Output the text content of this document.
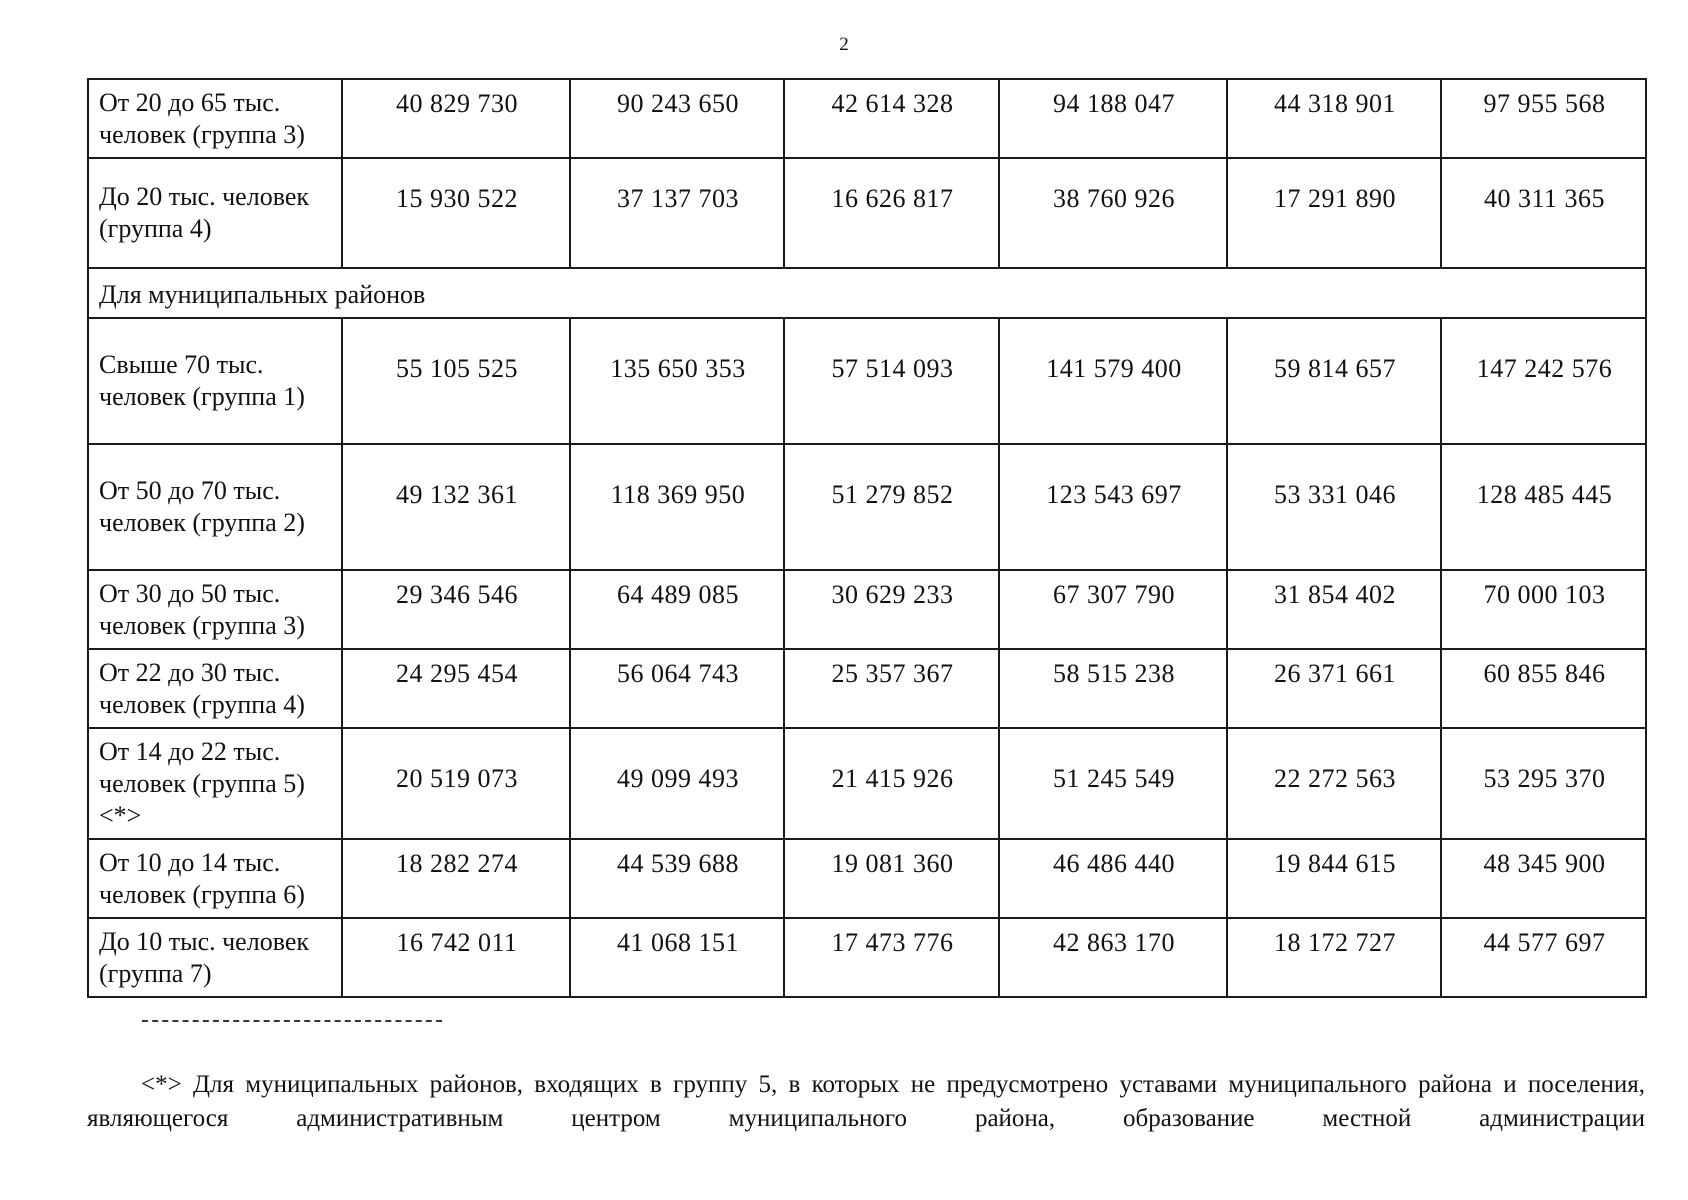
2
От 20 до 65 тыс. человек (группа 3)	40 829 730	90 243 650	42 614 328	94 188 047	44 318 901	97 955 568
До 20 тыс. человек (группа 4)	15 930 522	37 137 703	16 626 817	38 760 926	17 291 890	40 311 365
Для муниципальных районов						
Свыше 70 тыс. человек (группа 1)	55 105 525	135 650 353	57 514 093	141 579 400	59 814 657	147 242 576
От 50 до 70 тыс. человек (группа 2)	49 132 361	118 369 950	51 279 852	123 543 697	53 331 046	128 485 445
От 30 до 50 тыс. человек (группа 3)	29 346 546	64 489 085	30 629 233	67 307 790	31 854 402	70 000 103
От 22 до 30 тыс. человек (группа 4)	24 295 454	56 064 743	25 357 367	58 515 238	26 371 661	60 855 846
От 14 до 22 тыс. человек (группа 5) <*>	20 519 073	49 099 493	21 415 926	51 245 549	22 272 563	53 295 370
От 10 до 14 тыс. человек (группа 6)	18 282 274	44 539 688	19 081 360	46 486 440	19 844 615	48 345 900
До 10 тыс. человек (группа 7)	16 742 011	41 068 151	17 473 776	42 863 170	18 172 727	44 577 697
<*> Для муниципальных районов, входящих в группу 5, в которых не предусмотрено уставами муниципального района и поселения, являющегося административным центром муниципального района, образование местной администрации
